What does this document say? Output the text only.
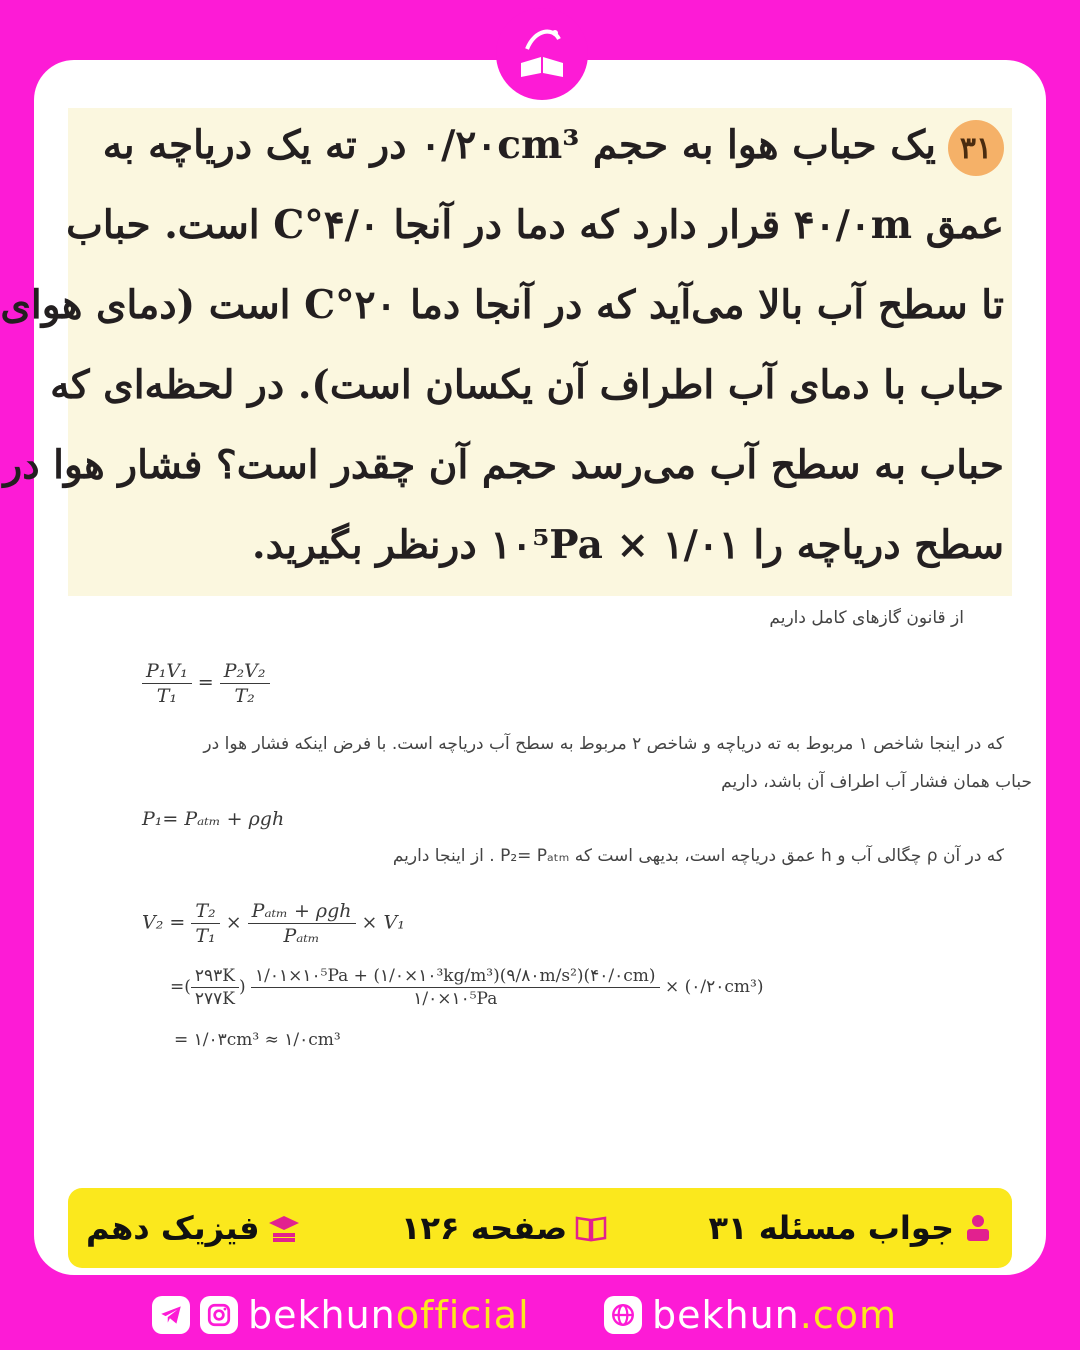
۳۱
یک حباب هوا به حجم ۰/۲۰cm³ در ته یک دریاچه به
عمق ۴۰/۰m قرار دارد که دما در آنجا ۴/۰°C است. حباب
تا سطح آب بالا می‌آید که در آنجا دما ۲۰°C است (دمای هوای
حباب با دمای آب اطراف آن یکسان است). در لحظه‌ای که
حباب به سطح آب می‌رسد حجم آن چقدر است؟ فشار هوا در
سطح دریاچه را ۱/۰۱ × ۱۰⁵Pa درنظر بگیرید.
از قانون گازهای کامل داریم
$\frac{\text{P₁V₁}}{\text{T₁}} = \frac{\text{P₂V₂}}{\text{T₂}}$
که در اینجا شاخص ۱ مربوط به ته دریاچه و شاخص ۲ مربوط به سطح آب دریاچه است. با فرض اینکه فشار هوا در
حباب همان فشار آب اطراف آن باشد، داریم
P₁= Pₐₜₘ + ρgh
که در آن ρ چگالی آب و h عمق دریاچه است، بدیهی است که P₂= Pₐₜₘ . از اینجا داریم
$V_2 = \frac{\text{T₂}}{\text{T₁}} \times \frac{\text{Pₐₜₘ + ρgh}}{\text{Pₐₜₘ}} \times V_1$
=( $\frac{۲۹۳K}{۲۷۷K}$ ) $\frac{\text{۱/۰۱×۱۰⁵Pa + (۱/۰×۱۰³kg/m³)(۹/۸۰m/s²)(۴۰/۰cm)}}{\text{۱/۰×۱۰⁵Pa}}$ × (۰/۲۰cm³)
= ۱/۰۳cm³ ≈ ۱/۰cm³
جواب مسئله ۳۱
صفحه ۱۲۶
فیزیک دهم
bekhunofficial	bekhun.com
